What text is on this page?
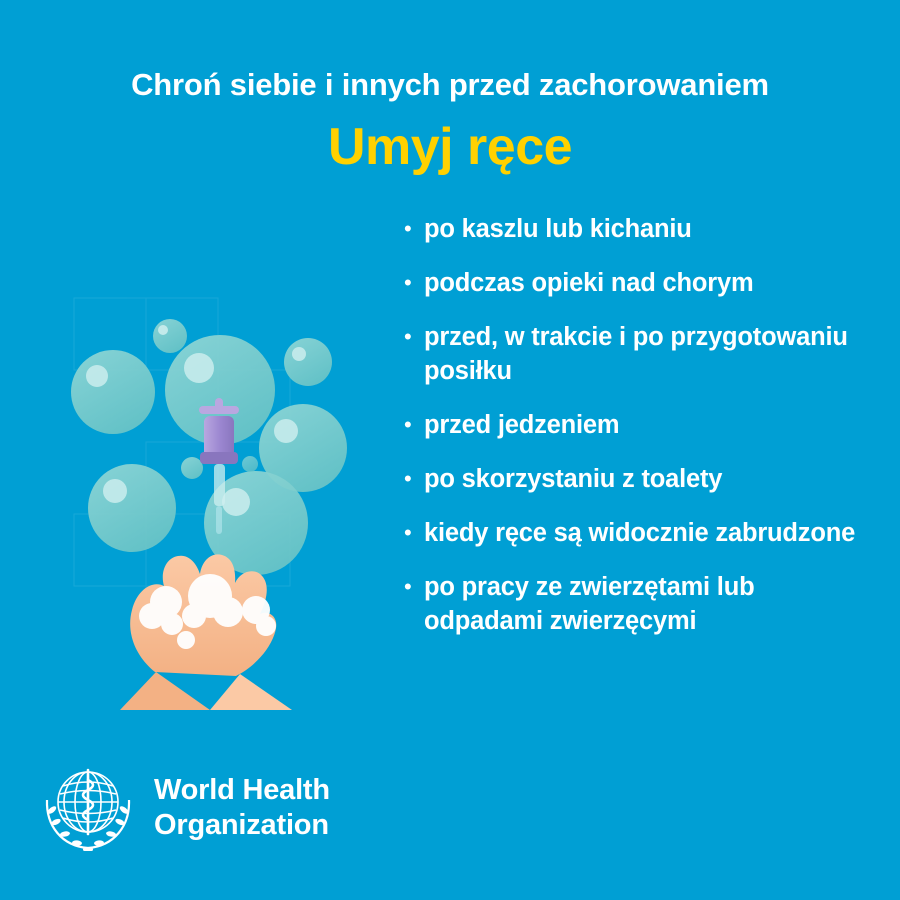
Chroń siebie i innych przed zachorowaniem
Umyj ręce
• po kaszlu lub kichaniu
• podczas opieki nad chorym
• przed, w trakcie i po przygotowaniu posiłku
• przed jedzeniem
• po skorzystaniu z toalety
• kiedy ręce są widocznie zabrudzone
• po pracy ze zwierzętami lub odpadami zwierzęcymi
World Health
Organization
